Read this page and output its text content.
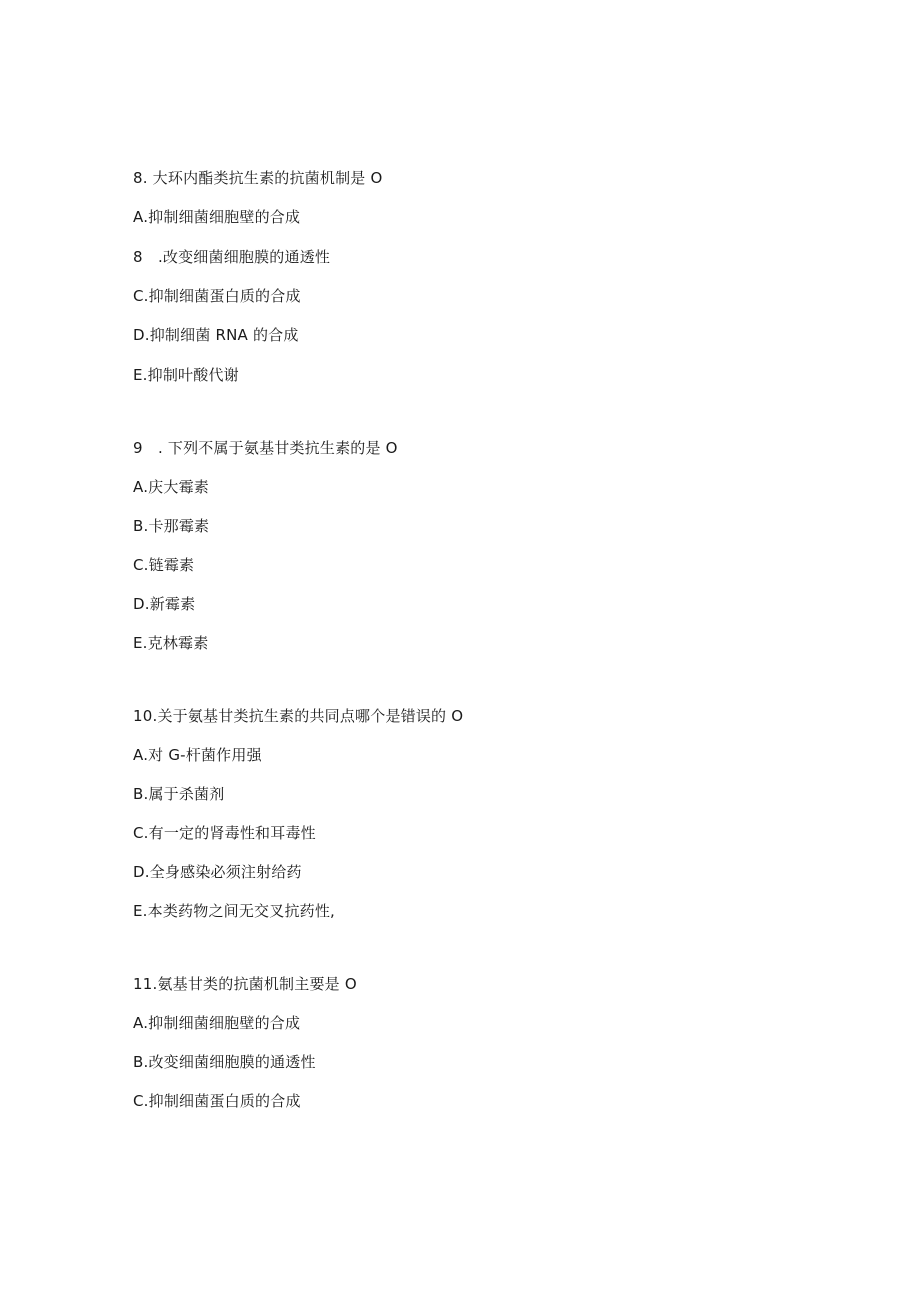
8. 大环内酯类抗生素的抗菌机制是 O
A.抑制细菌细胞壁的合成
8　.改变细菌细胞膜的通透性
C.抑制细菌蛋白质的合成
D.抑制细菌 RNA 的合成
E.抑制叶酸代谢
9　. 下列不属于氨基甘类抗生素的是 O
A.庆大霉素
B.卡那霉素
C.链霉素
D.新霉素
E.克林霉素
10.关于氨基甘类抗生素的共同点哪个是错误的 O
A.对 G-杆菌作用强
B.属于杀菌剂
C.有一定的肾毒性和耳毒性
D.全身感染必须注射给药
E.本类药物之间无交叉抗药性,
11.氨基甘类的抗菌机制主要是 O
A.抑制细菌细胞壁的合成
B.改变细菌细胞膜的通透性
C.抑制细菌蛋白质的合成
